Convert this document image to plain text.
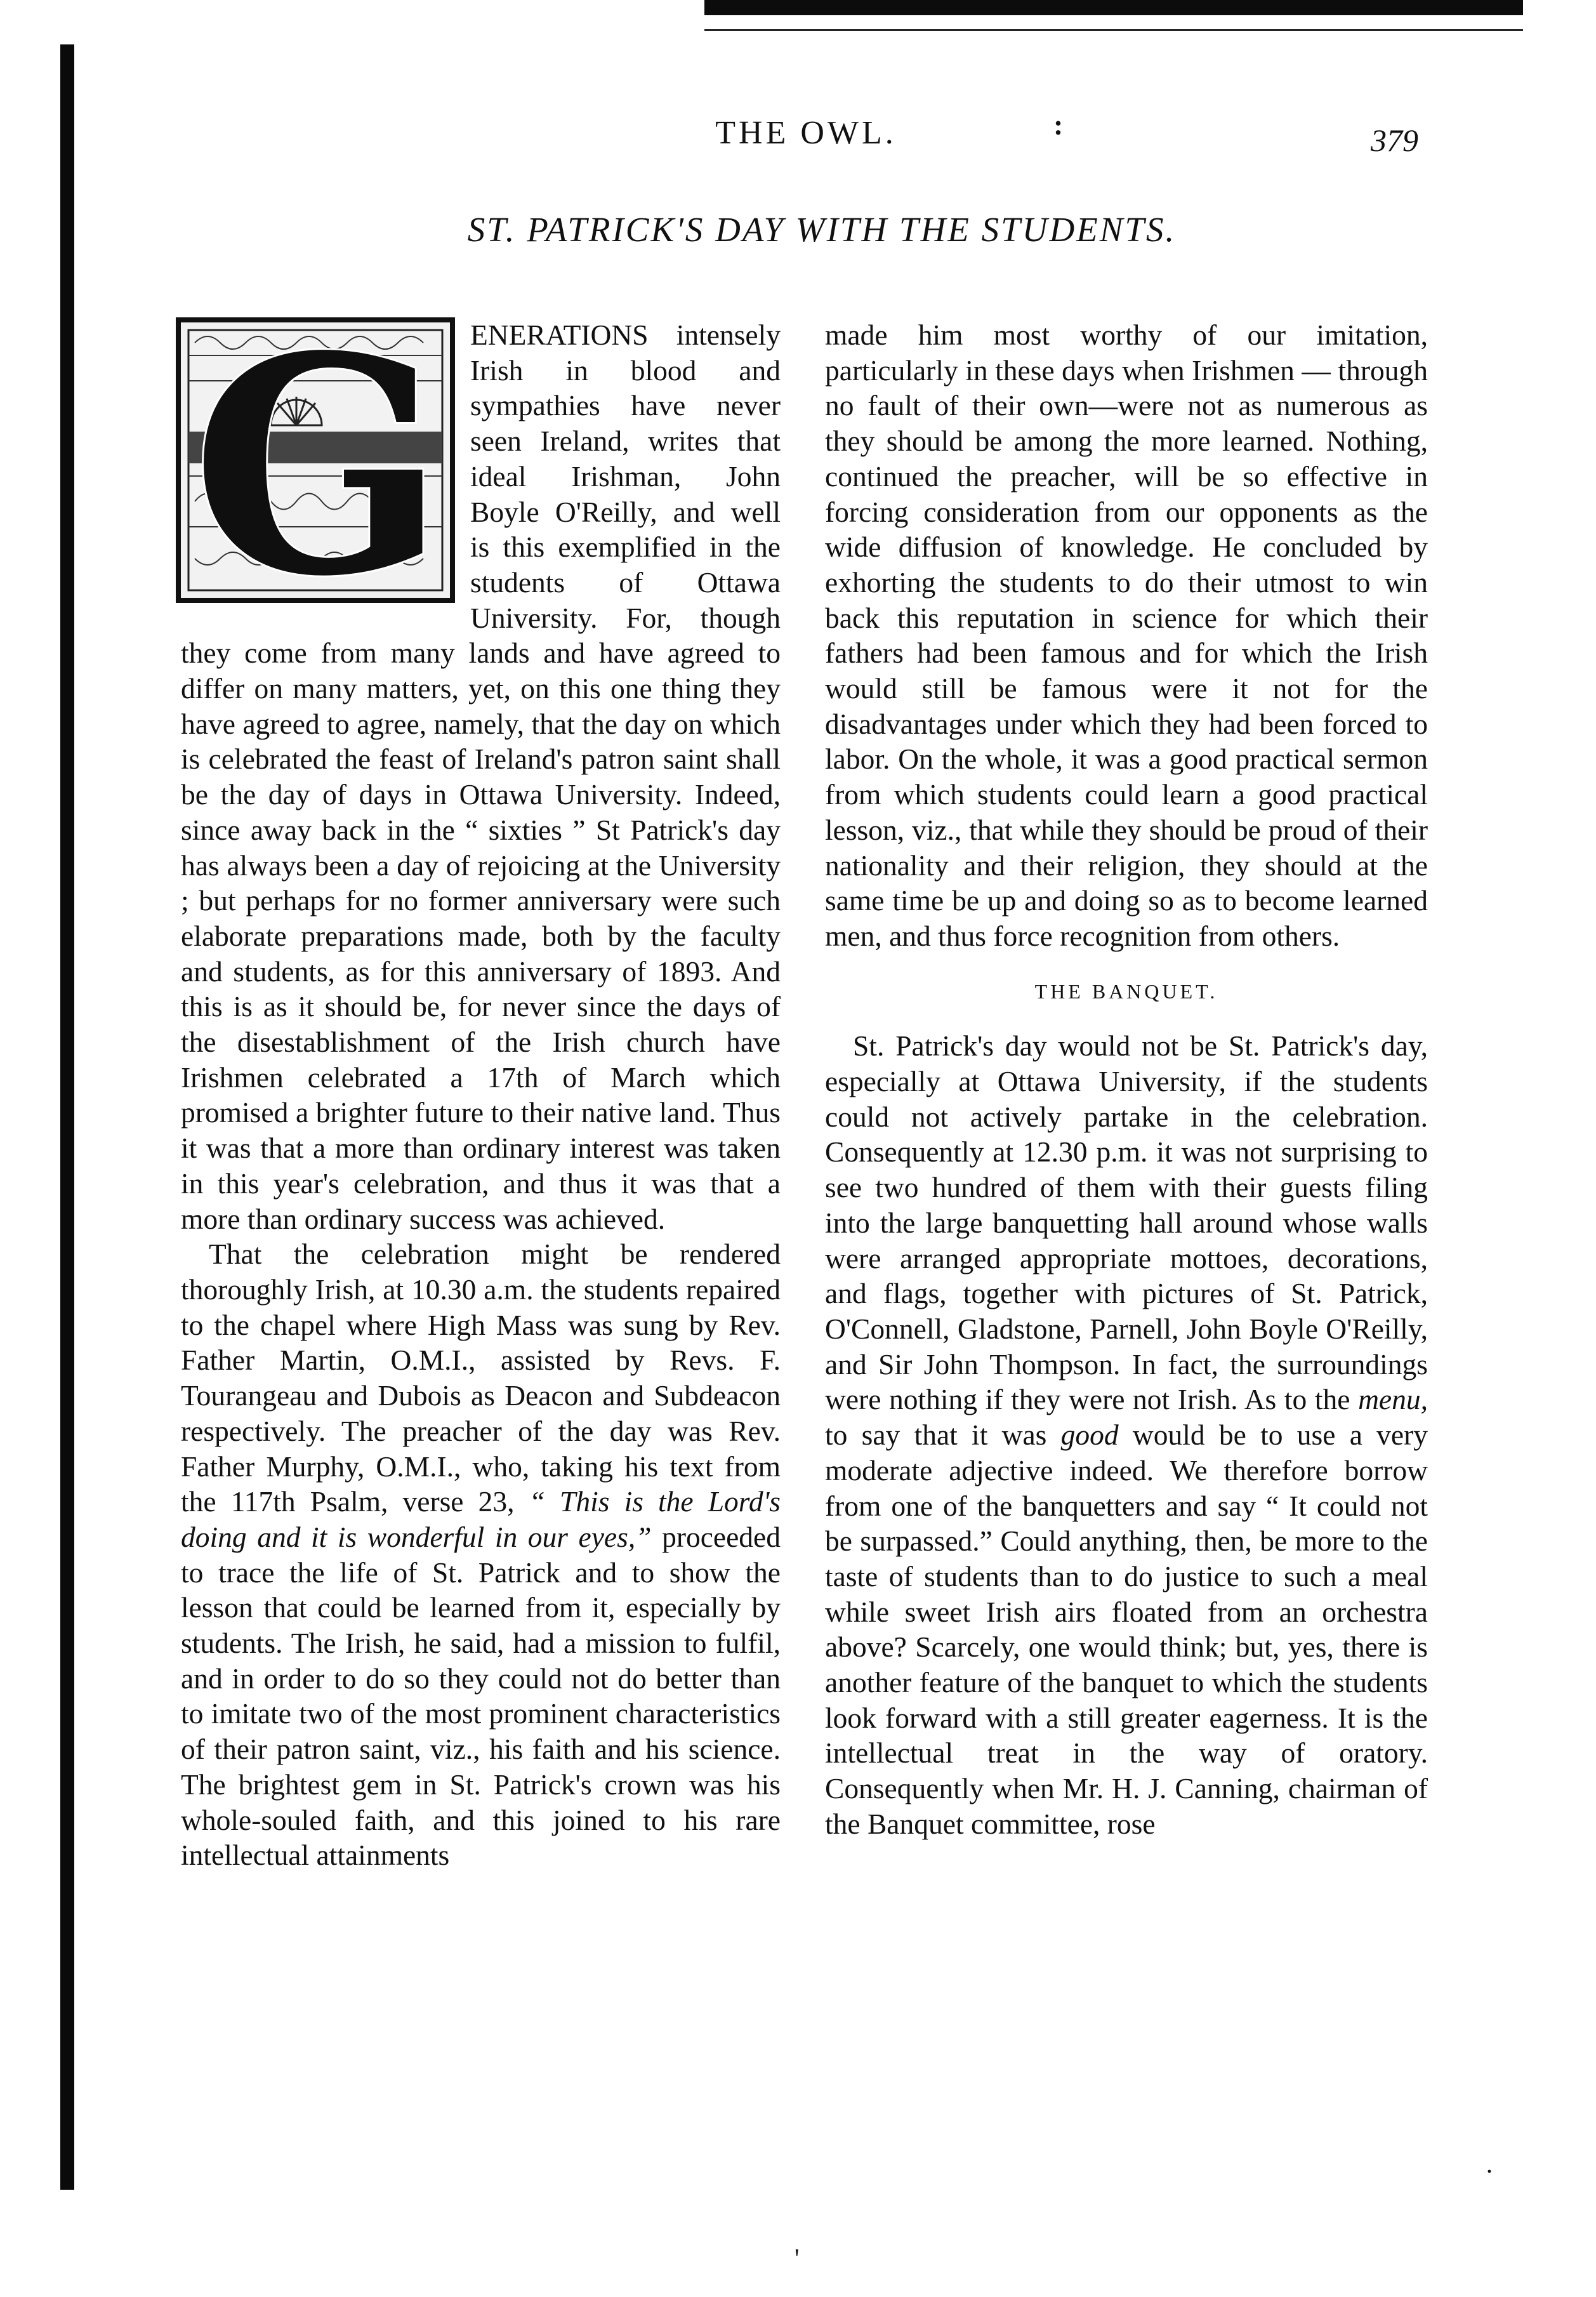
THE OWL.	:	379
ST. PATRICK'S DAY WITH THE STUDENTS.
G ENERATIONS intensely Irish in blood and sympathies have never seen Ireland, writes that ideal Irishman, John Boyle O'Reilly, and well is this exemplified in the students of Ottawa University. For, though they come from many lands and have agreed to differ on many matters, yet, on this one thing they have agreed to agree, namely, that the day on which is celebrated the feast of Ireland's patron saint shall be the day of days in Ottawa University. Indeed, since away back in the “ sixties ” St Patrick's day has always been a day of rejoicing at the University ; but perhaps for no former anniversary were such elaborate preparations made, both by the faculty and students, as for this anniversary of 1893. And this is as it should be, for never since the days of the disestablishment of the Irish church have Irishmen celebrated a 17th of March which promised a brighter future to their native land. Thus it was that a more than ordinary interest was taken in this year's celebration, and thus it was that a more than ordinary success was achieved.

That the celebration might be rendered thoroughly Irish, at 10.30 a.m. the students repaired to the chapel where High Mass was sung by Rev. Father Martin, O.M.I., assisted by Revs. F. Tourangeau and Dubois as Deacon and Subdeacon respectively. The preacher of the day was Rev. Father Murphy, O.M.I., who, taking his text from the 117th Psalm, verse 23, “ This is the Lord's doing and it is wonderful in our eyes,” proceeded to trace the life of St. Patrick and to show the lesson that could be learned from it, especially by students. The Irish, he said, had a mission to fulfil, and in order to do so they could not do better than to imitate two of the most prominent characteristics of their patron saint, viz., his faith and his science. The brightest gem in St. Patrick's crown was his whole-souled faith, and this joined to his rare intellectual attainments

made him most worthy of our imitation, particularly in these days when Irishmen — through no fault of their own—were not as numerous as they should be among the more learned. Nothing, continued the preacher, will be so effective in forcing consideration from our opponents as the wide diffusion of knowledge. He concluded by exhorting the students to do their utmost to win back this reputation in science for which their fathers had been famous and for which the Irish would still be famous were it not for the disadvantages under which they had been forced to labor. On the whole, it was a good practical sermon from which students could learn a good practical lesson, viz., that while they should be proud of their nationality and their religion, they should at the same time be up and doing so as to become learned men, and thus force recognition from others.

THE BANQUET.

St. Patrick's day would not be St. Patrick's day, especially at Ottawa University, if the students could not actively partake in the celebration. Consequently at 12.30 p.m. it was not surprising to see two hundred of them with their guests filing into the large banquetting hall around whose walls were arranged appropriate mottoes, decorations, and flags, together with pictures of St. Patrick, O'Connell, Gladstone, Parnell, John Boyle O'Reilly, and Sir John Thompson. In fact, the surroundings were nothing if they were not Irish. As to the menu, to say that it was good would be to use a very moderate adjective indeed. We therefore borrow from one of the banquetters and say “ It could not be surpassed.” Could anything, then, be more to the taste of students than to do justice to such a meal while sweet Irish airs floated from an orchestra above? Scarcely, one would think; but, yes, there is another feature of the banquet to which the students look forward with a still greater eagerness. It is the intellectual treat in the way of oratory. Consequently when Mr. H. J. Canning, chairman of the Banquet committee, rose

·
'
